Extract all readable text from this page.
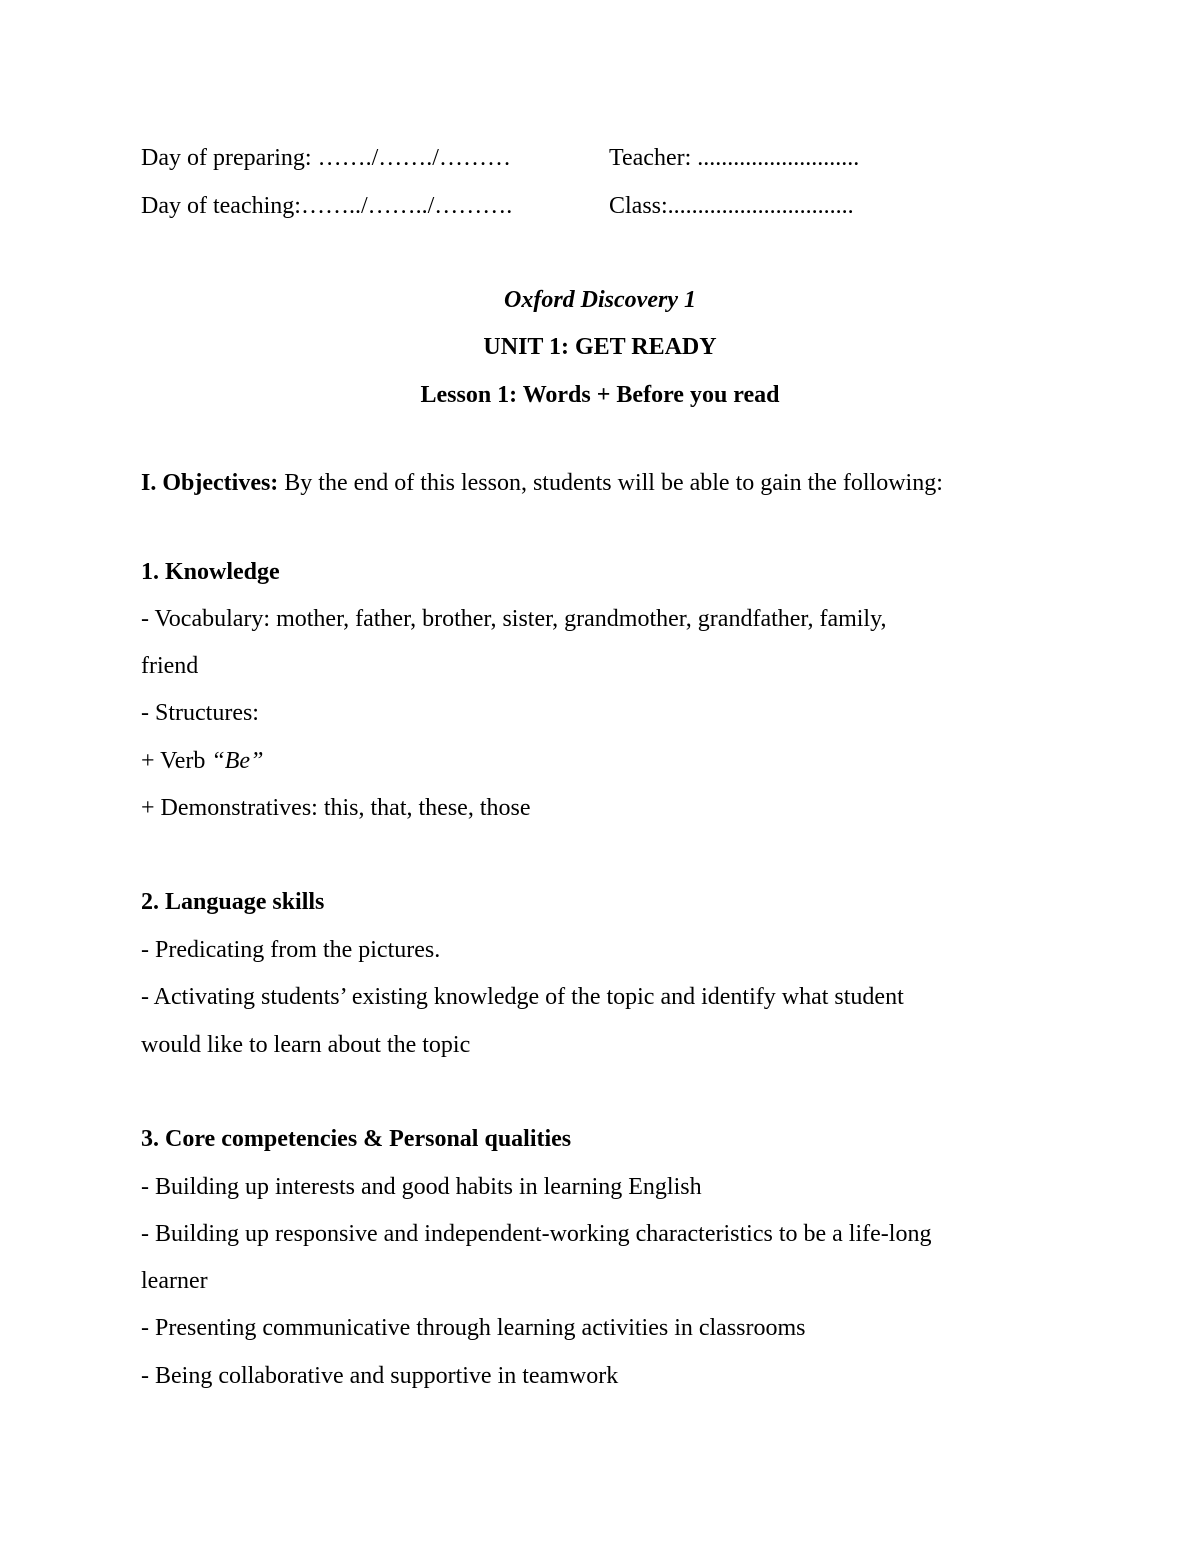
Day of preparing: ……./……./………	Teacher: ...........................
Day of teaching:……../……../……….	Class:...............................
Oxford Discovery 1
UNIT 1: GET READY
Lesson 1: Words + Before you read
I. Objectives: By the end of this lesson, students will be able to gain the following:
1. Knowledge
- Vocabulary: mother, father, brother, sister, grandmother, grandfather, family,
friend
- Structures:
+ Verb “Be”
+ Demonstratives: this, that, these, those
2. Language skills
- Predicating from the pictures.
- Activating students’ existing knowledge of the topic and identify what student
would like to learn about the topic
3. Core competencies & Personal qualities
- Building up interests and good habits in learning English
- Building up responsive and independent-working characteristics to be a life-long
learner
- Presenting communicative through learning activities in classrooms
- Being collaborative and supportive in teamwork
